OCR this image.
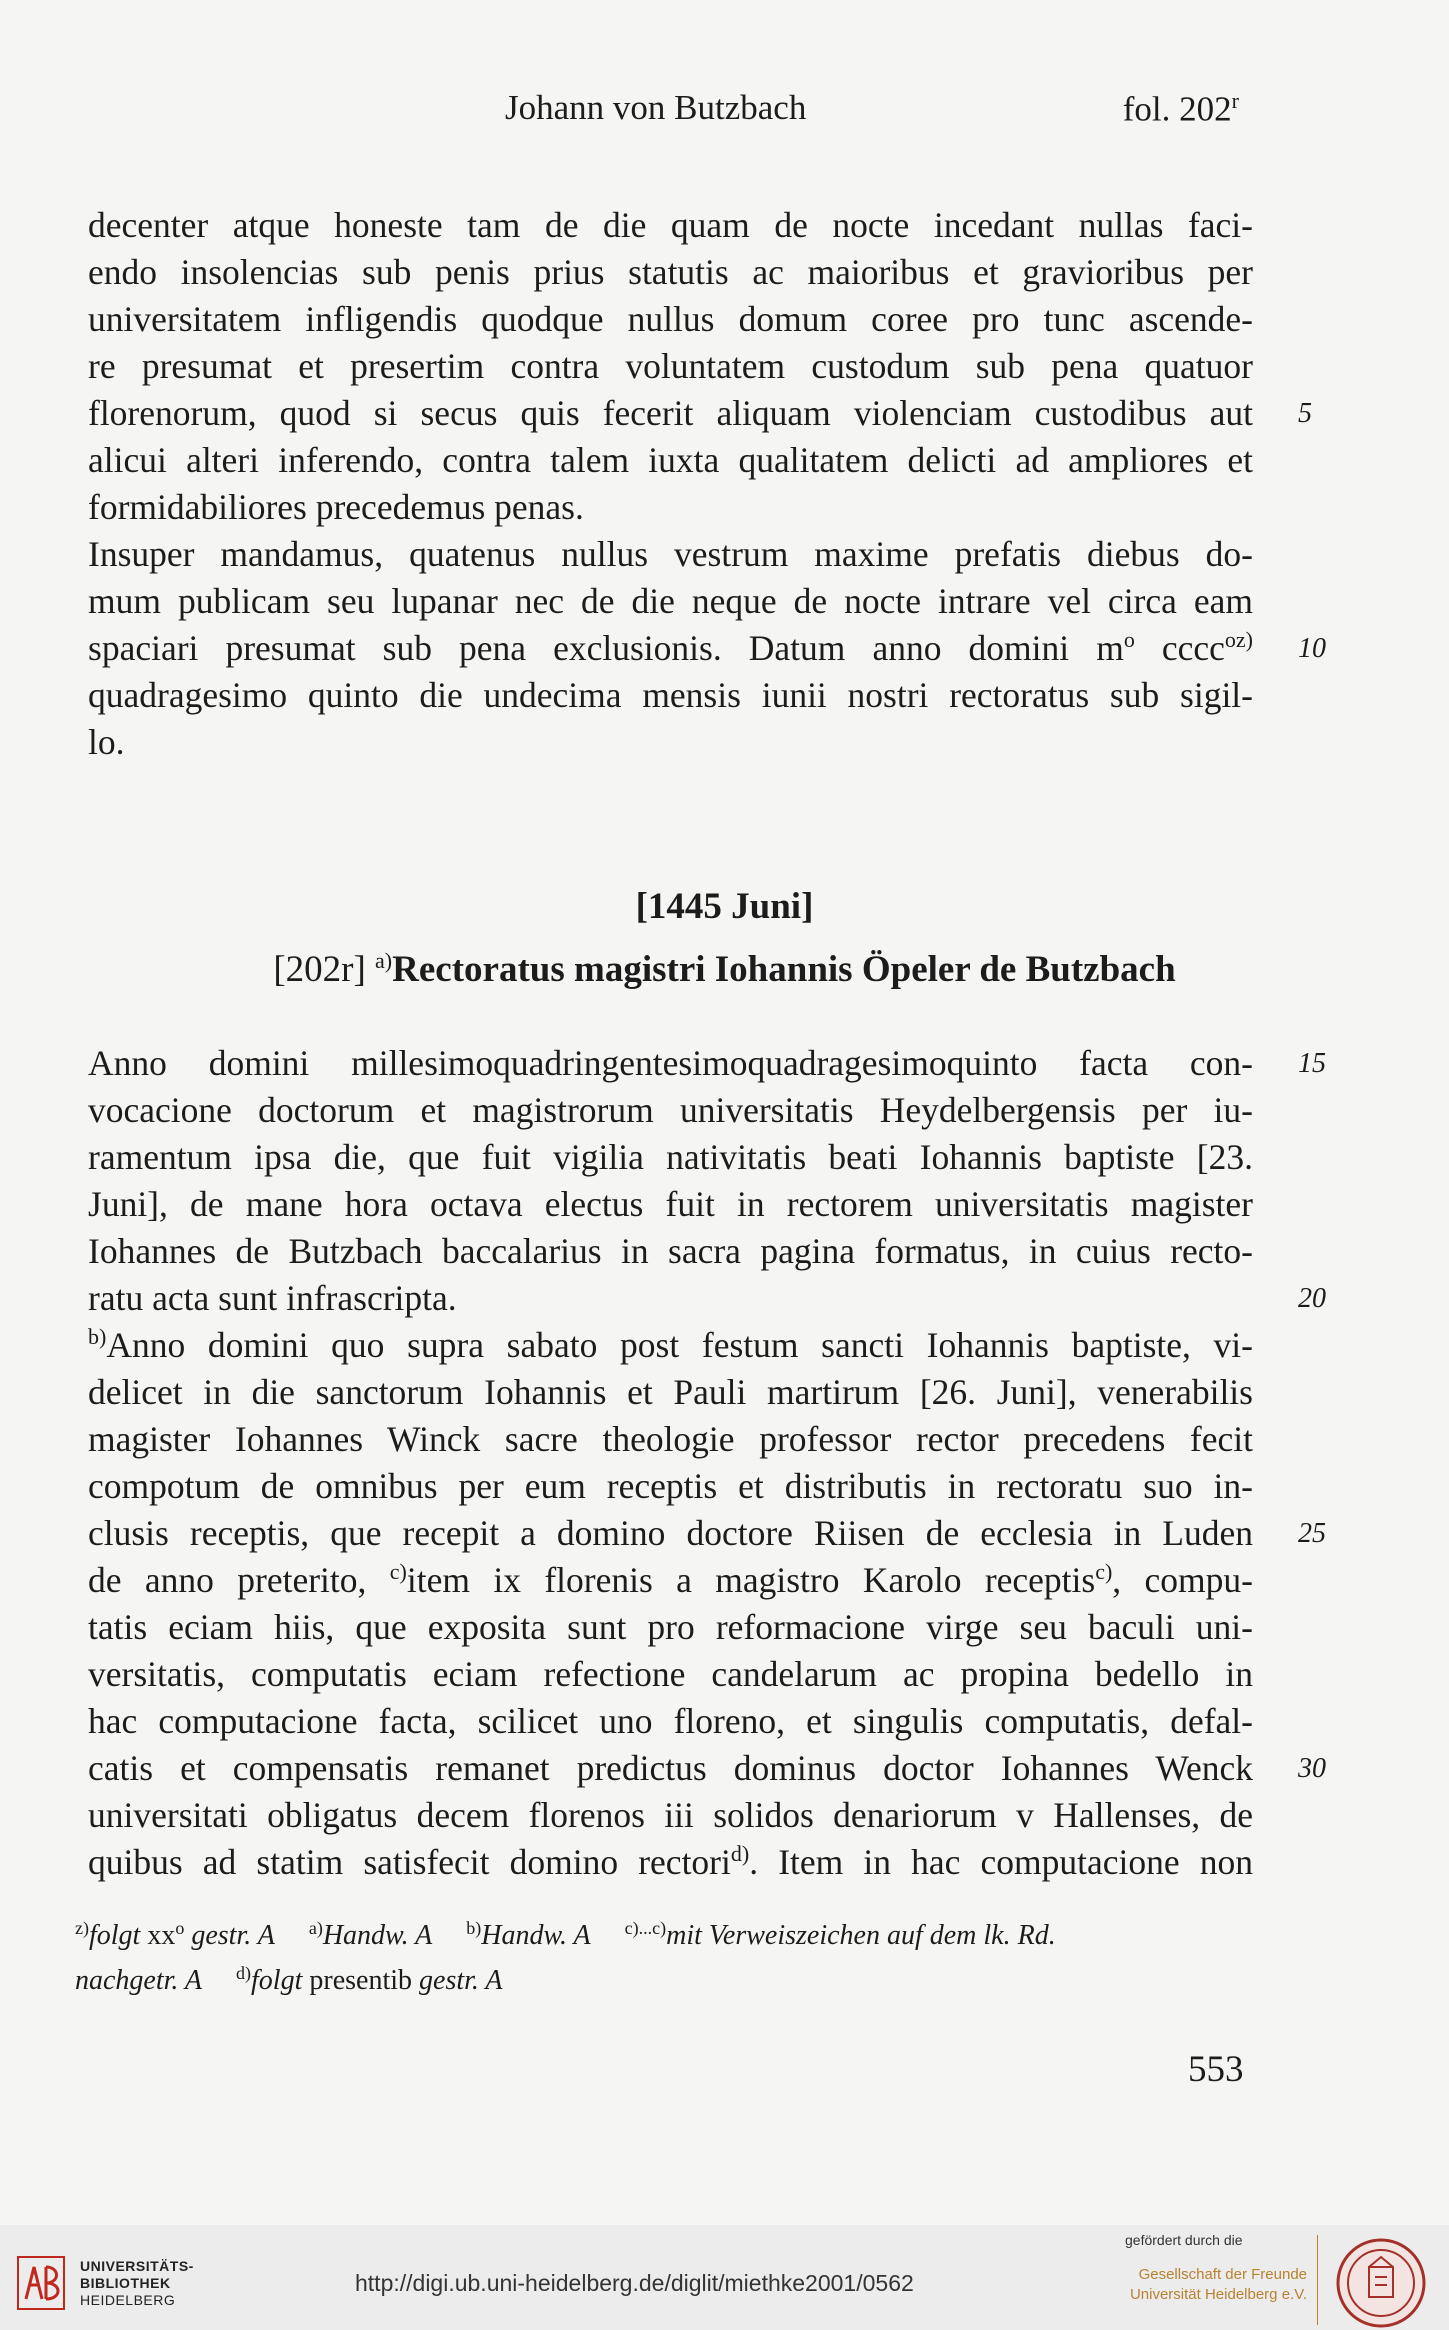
Johann von Butzbach	fol. 202$^r$
decenter atque honeste tam de die quam de nocte incedant nullas faci-
endo insolencias sub penis prius statutis ac maioribus et gravioribus per
universitatem infligendis quodque nullus domum coree pro tunc ascende-
re presumat et presertim contra voluntatem custodum sub pena quatuor
florenorum, quod si secus quis fecerit aliquam violenciam custodibus aut 5
alicui alteri inferendo, contra talem iuxta qualitatem delicti ad ampliores et
formidabiliores precedemus penas.
Insuper mandamus, quatenus nullus vestrum maxime prefatis diebus do-
mum publicam seu lupanar nec de die neque de nocte intrare vel circa eam
spaciari presumat sub pena exclusionis. Datum anno domini m$^o$ cccc$^{oz)}$ 10
quadragesimo quinto die undecima mensis iunii nostri rectoratus sub sigil-
lo.
[1445 Juni]
[202r] $^{a)}$Rectoratus magistri Iohannis Öpeler de Butzbach
Anno domini millesimoquadringentesimoquadragesimoquinto facta con- 15
vocacione doctorum et magistrorum universitatis Heydelbergensis per iu-
ramentum ipsa die, que fuit vigilia nativitatis beati Iohannis baptiste [23.
Juni], de mane hora octava electus fuit in rectorem universitatis magister
Iohannes de Butzbach baccalarius in sacra pagina formatus, in cuius recto-
ratu acta sunt infrascripta.	20
$^{b)}$Anno domini quo supra sabato post festum sancti Iohannis baptiste, vi-
delicet in die sanctorum Iohannis et Pauli martirum [26. Juni], venerabilis
magister Iohannes Winck sacre theologie professor rector precedens fecit
compotum de omnibus per eum receptis et distributis in rectoratu suo in-
clusis receptis, que recepit a domino doctore Riisen de ecclesia in Luden 25
de anno preterito, $^{c)}$item ix florenis a magistro Karolo receptis$^{c)}$, compu-
tatis eciam hiis, que exposita sunt pro reformacione virge seu baculi uni-
versitatis, computatis eciam refectione candelarum ac propina bedello in
hac computacione facta, scilicet uno floreno, et singulis computatis, defal-
catis et compensatis remanet predictus dominus doctor Iohannes Wenck 30
universitati obligatus decem florenos iii solidos denariorum v Hallenses, de
quibus ad statim satisfecit domino rectori$^{d)}$. Item in hac computacione non
$^{z)}$folgt $xx^o$ gestr. A $^{a)}$Handw. A $^{b)}$Handw. A $^{c)...c)}$mit Verweiszeichen auf dem lk. Rd.
nachgetr. A $^{d)}$folgt presentib gestr. A
553
UNIVERSITÄTS-
BIBLIOTHEK
HEIDELBERG
http://digi.ub.uni-heidelberg.de/diglit/miethke2001/0562
gefördert durch die
Gesellschaft der Freunde
Universität Heidelberg e.V.
